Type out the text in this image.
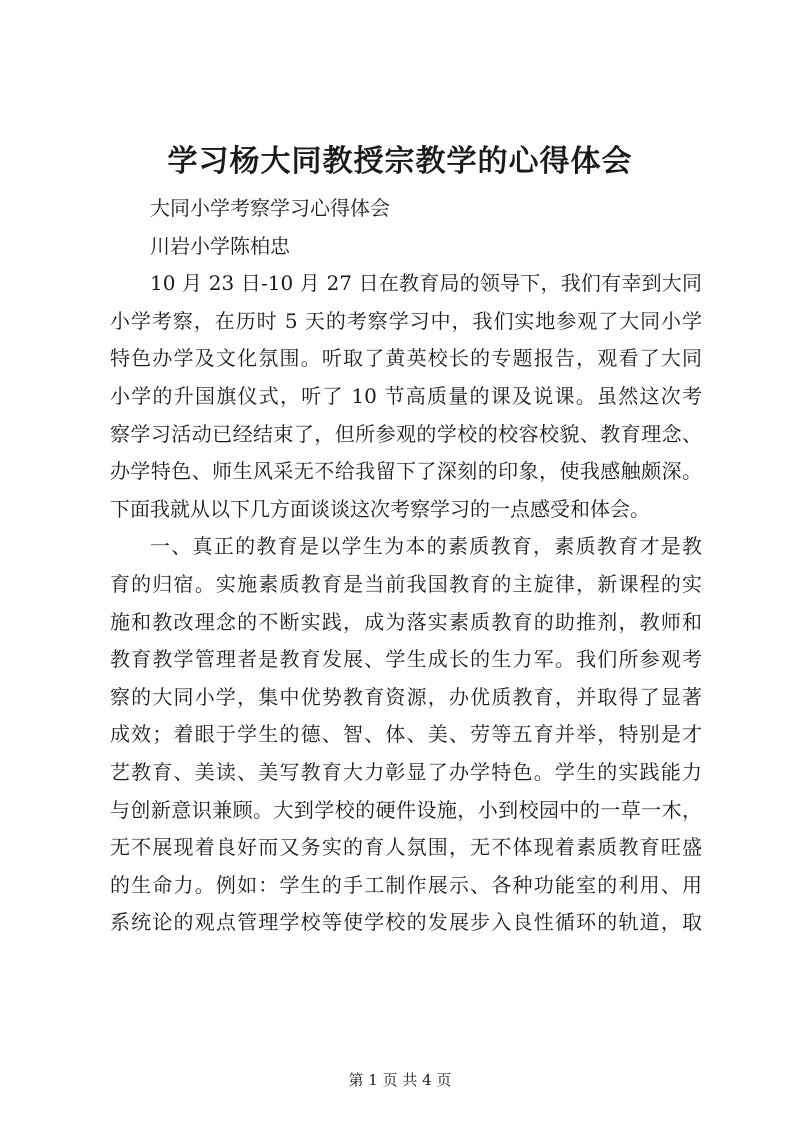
学习杨大同教授宗教学的心得体会
大同小学考察学习心得体会
川岩小学陈柏忠
10 月 23 日-10 月 27 日在教育局的领导下，我们有幸到大同
小学考察，在历时 5 天的考察学习中，我们实地参观了大同小学
特色办学及文化氛围。听取了黄英校长的专题报告，观看了大同
小学的升国旗仪式，听了 10 节高质量的课及说课。虽然这次考
察学习活动已经结束了，但所参观的学校的校容校貌、教育理念、
办学特色、师生风采无不给我留下了深刻的印象，使我感触颇深。
下面我就从以下几方面谈谈这次考察学习的一点感受和体会。
一、真正的教育是以学生为本的素质教育，素质教育才是教
育的归宿。实施素质教育是当前我国教育的主旋律，新课程的实
施和教改理念的不断实践，成为落实素质教育的助推剂，教师和
教育教学管理者是教育发展、学生成长的生力军。我们所参观考
察的大同小学，集中优势教育资源，办优质教育，并取得了显著
成效；着眼于学生的德、智、体、美、劳等五育并举，特别是才
艺教育、美读、美写教育大力彰显了办学特色。学生的实践能力
与创新意识兼顾。大到学校的硬件设施，小到校园中的一草一木，
无不展现着良好而又务实的育人氛围，无不体现着素质教育旺盛
的生命力。例如：学生的手工制作展示、各种功能室的利用、用
系统论的观点管理学校等使学校的发展步入良性循环的轨道，取
第 1 页 共 4 页
